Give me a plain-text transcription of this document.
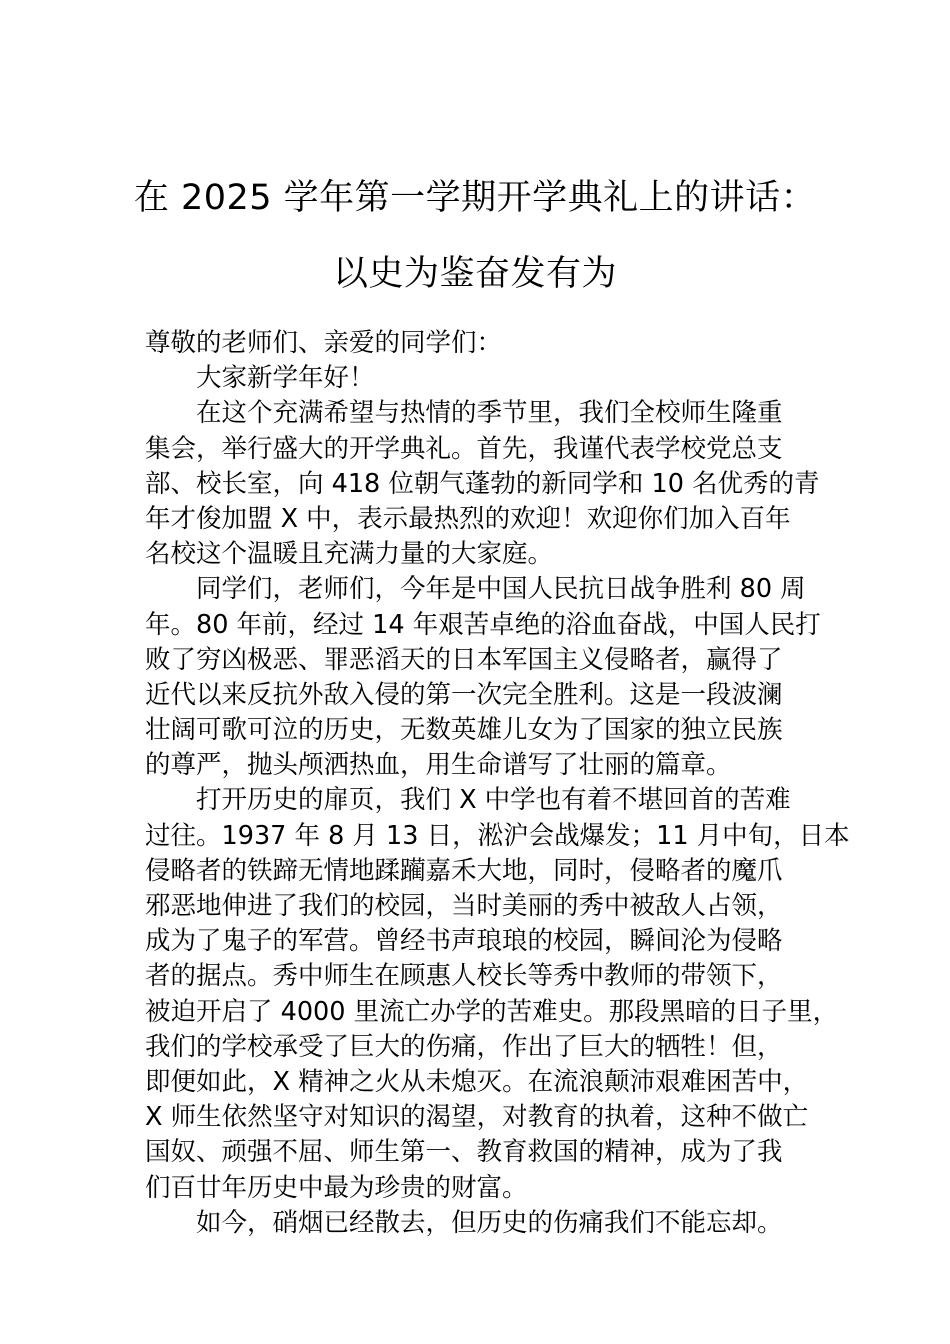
在 2025 学年第一学期开学典礼上的讲话：
以史为鉴奋发有为
尊敬的老师们、亲爱的同学们：
大家新学年好！
在这个充满希望与热情的季节里，我们全校师生隆重
集会，举行盛大的开学典礼。首先，我谨代表学校党总支
部、校长室，向 418 位朝气蓬勃的新同学和 10 名优秀的青
年才俊加盟 X 中，表示最热烈的欢迎！欢迎你们加入百年
名校这个温暖且充满力量的大家庭。
同学们，老师们，今年是中国人民抗日战争胜利 80 周
年。80 年前，经过 14 年艰苦卓绝的浴血奋战，中国人民打
败了穷凶极恶、罪恶滔天的日本军国主义侵略者，赢得了
近代以来反抗外敌入侵的第一次完全胜利。这是一段波澜
壮阔可歌可泣的历史，无数英雄儿女为了国家的独立民族
的尊严，抛头颅洒热血，用生命谱写了壮丽的篇章。
打开历史的扉页，我们 X 中学也有着不堪回首的苦难
过往。1937 年 8 月 13 日，淞沪会战爆发；11 月中旬，日本
侵略者的铁蹄无情地蹂躏嘉禾大地，同时，侵略者的魔爪
邪恶地伸进了我们的校园，当时美丽的秀中被敌人占领，
成为了鬼子的军营。曾经书声琅琅的校园，瞬间沦为侵略
者的据点。秀中师生在顾惠人校长等秀中教师的带领下，
被迫开启了 4000 里流亡办学的苦难史。那段黑暗的日子里，
我们的学校承受了巨大的伤痛，作出了巨大的牺牲！但，
即便如此，X 精神之火从未熄灭。在流浪颠沛艰难困苦中，
X 师生依然坚守对知识的渴望，对教育的执着，这种不做亡
国奴、顽强不屈、师生第一、教育救国的精神，成为了我
们百廿年历史中最为珍贵的财富。
如今，硝烟已经散去，但历史的伤痛我们不能忘却。
